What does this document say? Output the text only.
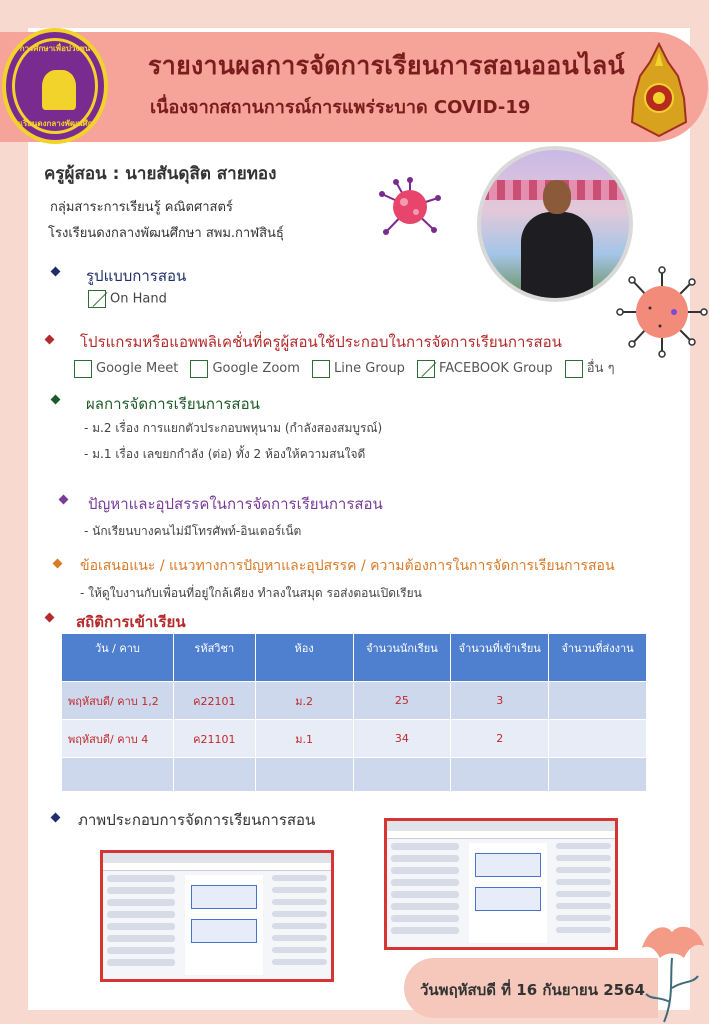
การศึกษาเพื่อปวงชน
โรงเรียนดงกลางพัฒนศึกษา
รายงานผลการจัดการเรียนการสอนออนไลน์
เนื่องจากสถานการณ์การแพร่ระบาด COVID-19
ครูผู้สอน : นายสันดุสิต สายทอง
กลุ่มสาระการเรียนรู้ คณิตศาสตร์
โรงเรียนดงกลางพัฒนศึกษา สพม.กาฬสินธุ์
รูปแบบการสอน
On Hand
โปรแกรมหรือแอพพลิเคชั่นที่ครูผู้สอนใช้ประกอบในการจัดการเรียนการสอน
Google Meet	Google Zoom	Line Group	FACEBOOK Group	อื่น ๆ
ผลการจัดการเรียนการสอน
- ม.2 เรื่อง การแยกตัวประกอบพหุนาม (กำลังสองสมบูรณ์)
- ม.1 เรื่อง เลขยกกำลัง (ต่อ) ทั้ง 2 ห้องให้ความสนใจดี
ปัญหาและอุปสรรคในการจัดการเรียนการสอน
- นักเรียนบางคนไม่มีโทรศัพท์-อินเตอร์เน็ต
ข้อเสนอแนะ / แนวทางการปัญหาและอุปสรรค / ความต้องการในการจัดการเรียนการสอน
- ให้ดูใบงานกับเพื่อนที่อยู่ใกล้เคียง ทำลงในสมุด รอส่งตอนเปิดเรียน
สถิติการเข้าเรียน
วัน / คาบ	รหัสวิชา	ห้อง	จำนวนนักเรียน	จำนวนที่เข้าเรียน	จำนวนที่ส่งงาน
พฤหัสบดี/ คาบ 1,2	ค22101	ม.2	25	3	
พฤหัสบดี/ คาบ 4	ค21101	ม.1	34	2	

ภาพประกอบการจัดการเรียนการสอน
วันพฤหัสบดี ที่ 16 กันยายน 2564
